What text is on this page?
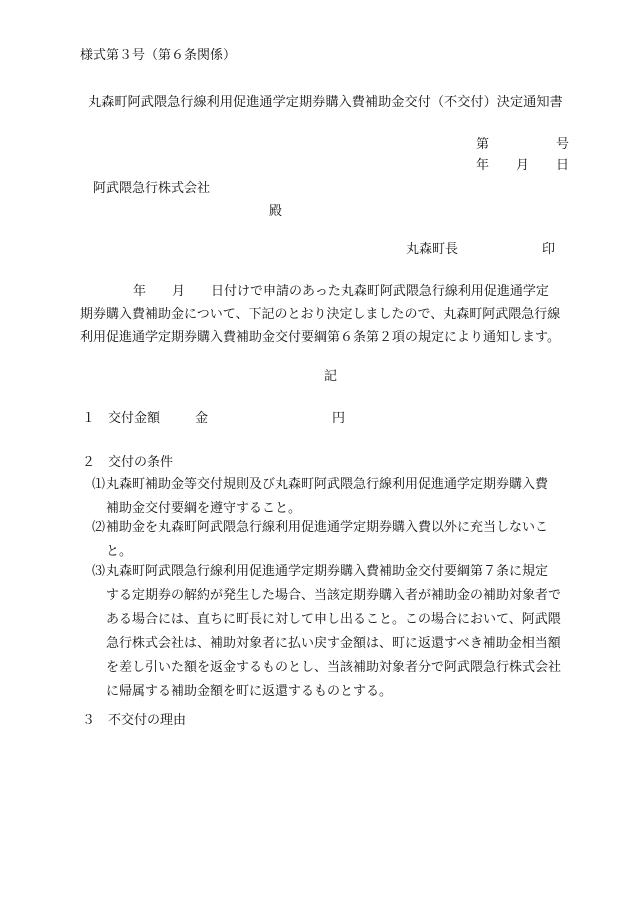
様式第３号（第６条関係）
丸森町阿武隈急行線利用促進通学定期券購入費補助金交付（不交付）決定通知書
第	号
年 月 日
阿武隈急行株式会社
殿
丸森町長	印
年　　月　　日付けで申請のあった丸森町阿武隈急行線利用促進通学定
期券購入費補助金について、下記のとおり決定しましたので、丸森町阿武隈急行線
利用促進通学定期券購入費補助金交付要綱第６条第２項の規定により通知します。
記
１ 交付金額	金	円
２ 交付の条件
⑴ 丸森町補助金等交付規則及び丸森町阿武隈急行線利用促進通学定期券購入費
補助金交付要綱を遵守すること。
⑵ 補助金を丸森町阿武隈急行線利用促進通学定期券購入費以外に充当しないこ
と。
⑶ 丸森町阿武隈急行線利用促進通学定期券購入費補助金交付要綱第７条に規定
する定期券の解約が発生した場合、当該定期券購入者が補助金の補助対象者で
ある場合には、直ちに町長に対して申し出ること。この場合において、阿武隈
急行株式会社は、補助対象者に払い戻す金額は、町に返還すべき補助金相当額
を差し引いた額を返金するものとし、当該補助対象者分で阿武隈急行株式会社
に帰属する補助金額を町に返還するものとする。
３ 不交付の理由
